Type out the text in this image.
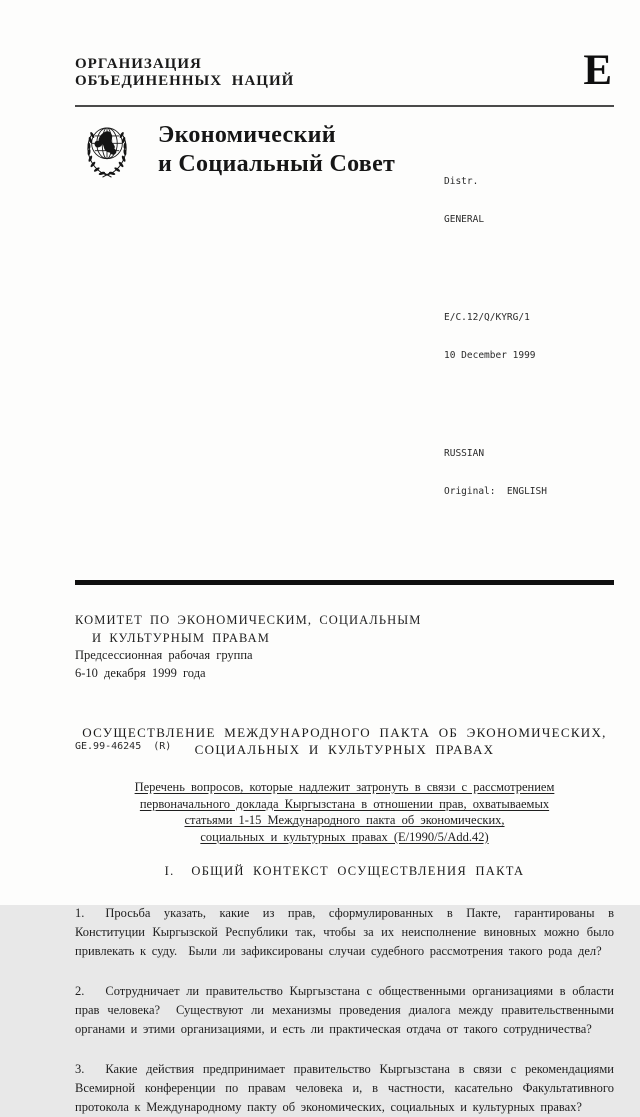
ОРГАНИЗАЦИЯ
ОБЪЕДИНЕННЫХ НАЦИЙ	E
Экономический
и Социальный Совет

Distr.

GENERAL

E/C.12/Q/KYRG/1

10 December 1999

RUSSIAN

Original:  ENGLISH

КОМИТЕТ ПО ЭКОНОМИЧЕСКИМ, СОЦИАЛЬНЫМ
И КУЛЬТУРНЫМ ПРАВАМ
Предсессионная рабочая группа
6-10 декабря 1999 года
ОСУЩЕСТВЛЕНИЕ МЕЖДУНАРОДНОГО ПАКТА ОБ ЭКОНОМИЧЕСКИХ,
СОЦИАЛЬНЫХ И КУЛЬТУРНЫХ ПРАВАХ
Перечень вопросов, которые надлежит затронуть в связи с рассмотрением
первоначального доклада Кыргызстана в отношении прав, охватываемых
статьями 1-15 Международного пакта об экономических,
социальных и культурных правах (E/1990/5/Add.42)
I.  ОБЩИЙ КОНТЕКСТ ОСУЩЕСТВЛЕНИЯ ПАКТА

1. Просьба указать, какие из прав, сформулированных в Пакте, гарантированы в Конституции Кыргызской Республики так, чтобы за их неисполнение виновных можно было привлекать к суду.  Были ли зафиксированы случаи судебного рассмотрения такого рода дел?

2. Сотрудничает ли правительство Кыргызстана с общественными организациями в области прав человека?  Существуют ли механизмы проведения диалога между правительственными органами и этими организациями, и есть ли практическая отдача от такого сотрудничества?

3. Какие действия предпринимает правительство Кыргызстана в связи с рекомендациями Всемирной конференции по правам человека и, в частности, касательно Факультативного протокола к Международному пакту об экономических, социальных и культурных правах?

GE.99-46245  (R)
